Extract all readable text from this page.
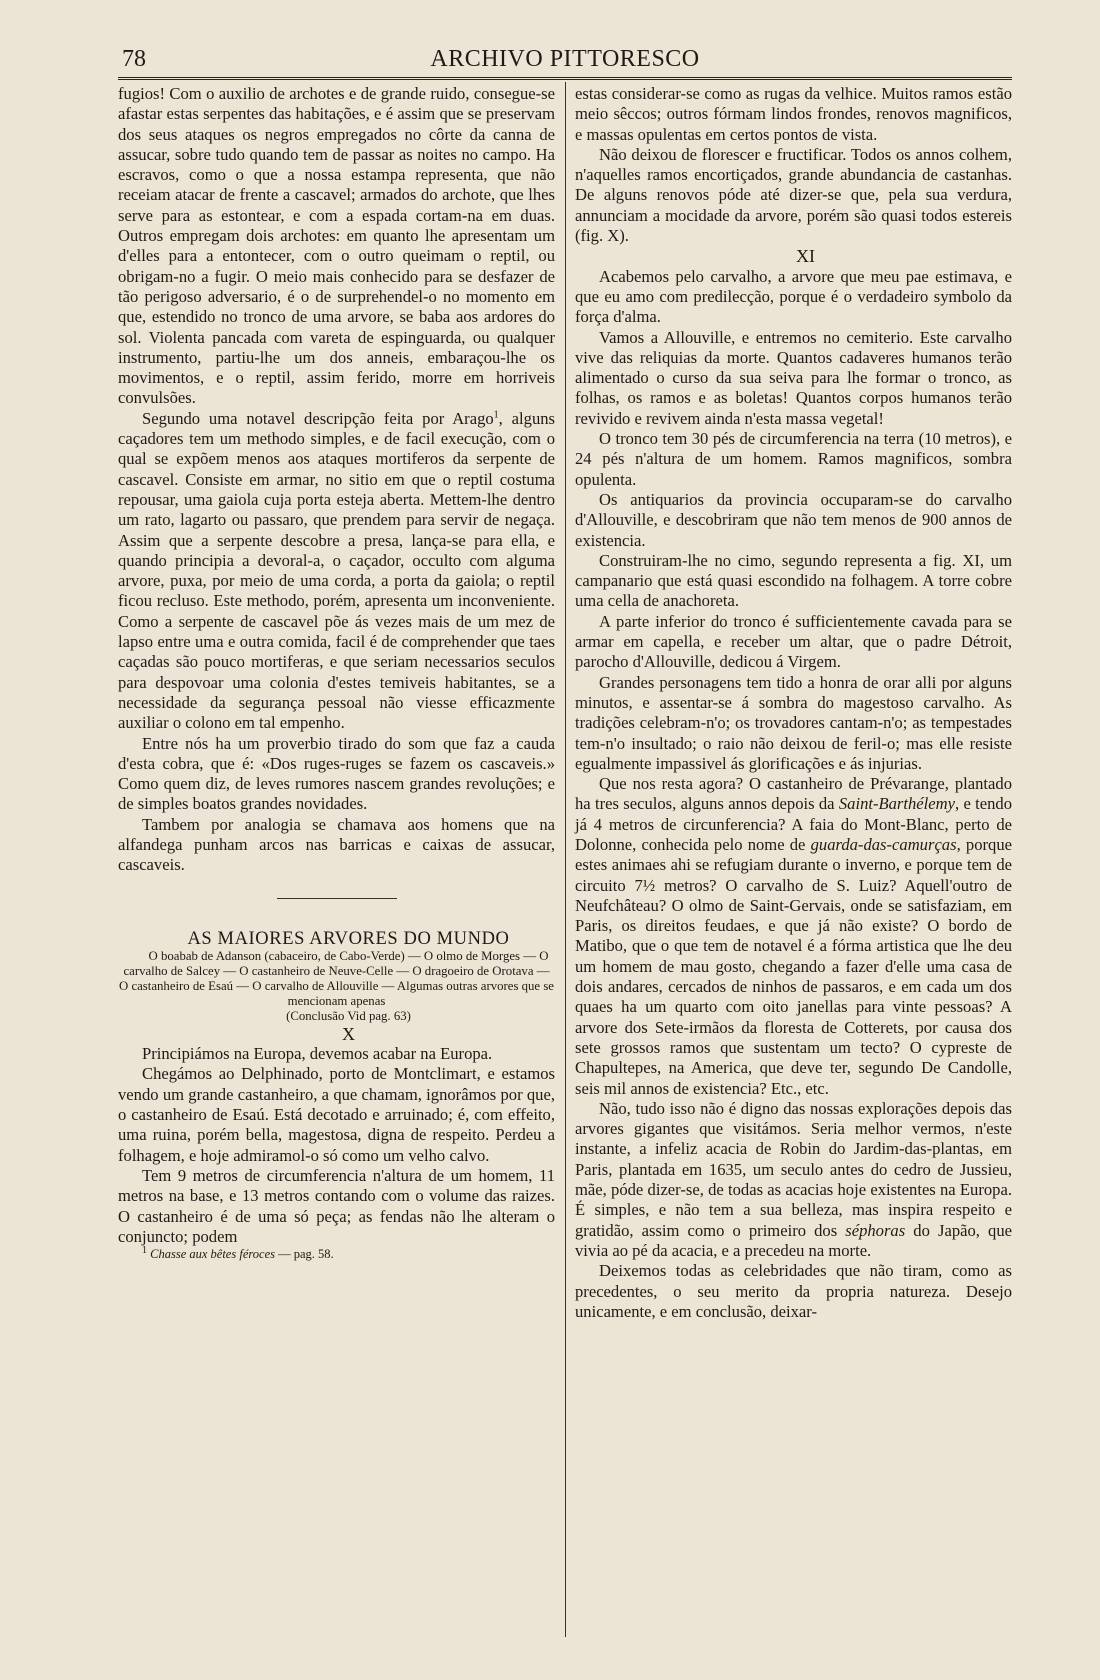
78	ARCHIVO PITTORESCO

fugios! Com o auxilio de archotes e de grande ruido, consegue-se afastar estas serpentes das habitações, e é assim que se preservam dos seus ataques os negros empregados no côrte da canna de assucar, sobre tudo quando tem de passar as noites no campo. Ha escravos, como o que a nossa estampa representa, que não receiam atacar de frente a cascavel; armados do archote, que lhes serve para as estontear, e com a espada cortam-na em duas. Outros empregam dois archotes: em quanto lhe apresentam um d'elles para a entontecer, com o outro queimam o reptil, ou obrigam-no a fugir. O meio mais conhecido para se desfazer de tão perigoso adversario, é o de surprehendel-o no momento em que, estendido no tronco de uma arvore, se baba aos ardores do sol. Violenta pancada com vareta de espinguarda, ou qualquer instrumento, partiu-lhe um dos anneis, embaraçou-lhe os movimentos, e o reptil, assim ferido, morre em horriveis convulsões.

Segundo uma notavel descripção feita por Arago$^1$, alguns caçadores tem um methodo simples, e de facil execução, com o qual se expõem menos aos ataques mortiferos da serpente de cascavel. Consiste em armar, no sitio em que o reptil costuma repousar, uma gaiola cuja porta esteja aberta. Mettem-lhe dentro um rato, lagarto ou passaro, que prendem para servir de negaça. Assim que a serpente descobre a presa, lança-se para ella, e quando principia a devoral-a, o caçador, occulto com alguma arvore, puxa, por meio de uma corda, a porta da gaiola; o reptil ficou recluso. Este methodo, porém, apresenta um inconveniente. Como a serpente de cascavel põe ás vezes mais de um mez de lapso entre uma e outra comida, facil é de comprehender que taes caçadas são pouco mortiferas, e que seriam necessarios seculos para despovoar uma colonia d'estes temiveis habitantes, se a necessidade da segurança pessoal não viesse efficazmente auxiliar o colono em tal empenho.

Entre nós ha um proverbio tirado do som que faz a cauda d'esta cobra, que é: «Dos ruges-ruges se fazem os cascaveis.» Como quem diz, de leves rumores nascem grandes revoluções; e de simples boatos grandes novidades.

Tambem por analogia se chamava aos homens que na alfandega punham arcos nas barricas e caixas de assucar, cascaveis.

AS MAIORES ARVORES DO MUNDO

O boabab de Adanson (cabaceiro, de Cabo-Verde) — O olmo de Morges — O carvalho de Salcey — O castanheiro de Neuve-Celle — O dragoeiro de Orotava — O castanheiro de Esaú — O carvalho de Allouville — Algumas outras arvores que se mencionam apenas

(Conclusão Vid pag. 63)

X

Principiámos na Europa, devemos acabar na Europa.

Chegámos ao Delphinado, porto de Montclimart, e estamos vendo um grande castanheiro, a que chamam, ignorâmos por que, o castanheiro de Esaú. Está decotado e arruinado; é, com effeito, uma ruina, porém bella, magestosa, digna de respeito. Perdeu a folhagem, e hoje admiramol-o só como um velho calvo.

Tem 9 metros de circumferencia n'altura de um homem, 11 metros na base, e 13 metros contando com o volume das raizes. O castanheiro é de uma só peça; as fendas não lhe alteram o conjuncto; podem

$^1$ Chasse aux bêtes féroces — pag. 58.

estas considerar-se como as rugas da velhice. Muitos ramos estão meio sêccos; outros fórmam lindos frondes, renovos magnificos, e massas opulentas em certos pontos de vista.

Não deixou de florescer e fructificar. Todos os annos colhem, n'aquelles ramos encortiçados, grande abundancia de castanhas. De alguns renovos póde até dizer-se que, pela sua verdura, annunciam a mocidade da arvore, porém são quasi todos estereis (fig. X).

XI

Acabemos pelo carvalho, a arvore que meu pae estimava, e que eu amo com predilecção, porque é o verdadeiro symbolo da força d'alma.

Vamos a Allouville, e entremos no cemiterio. Este carvalho vive das reliquias da morte. Quantos cadaveres humanos terão alimentado o curso da sua seiva para lhe formar o tronco, as folhas, os ramos e as boletas! Quantos corpos humanos terão revivido e revivem ainda n'esta massa vegetal!

O tronco tem 30 pés de circumferencia na terra (10 metros), e 24 pés n'altura de um homem. Ramos magnificos, sombra opulenta.

Os antiquarios da provincia occuparam-se do carvalho d'Allouville, e descobriram que não tem menos de 900 annos de existencia.

Construiram-lhe no cimo, segundo representa a fig. XI, um campanario que está quasi escondido na folhagem. A torre cobre uma cella de anachoreta.

A parte inferior do tronco é sufficientemente cavada para se armar em capella, e receber um altar, que o padre Détroit, parocho d'Allouville, dedicou á Virgem.

Grandes personagens tem tido a honra de orar alli por alguns minutos, e assentar-se á sombra do magestoso carvalho. As tradições celebram-n'o; os trovadores cantam-n'o; as tempestades tem-n'o insultado; o raio não deixou de feril-o; mas elle resiste egualmente impassivel ás glorificações e ás injurias.

Que nos resta agora? O castanheiro de Prévarange, plantado ha tres seculos, alguns annos depois da Saint-Barthélemy, e tendo já 4 metros de circunferencia? A faia do Mont-Blanc, perto de Dolonne, conhecida pelo nome de guarda-das-camurças, porque estes animaes ahi se refugiam durante o inverno, e porque tem de circuito 7½ metros? O carvalho de S. Luiz? Aquell'outro de Neufchâteau? O olmo de Saint-Gervais, onde se satisfaziam, em Paris, os direitos feudaes, e que já não existe? O bordo de Matibo, que o que tem de notavel é a fórma artistica que lhe deu um homem de mau gosto, chegando a fazer d'elle uma casa de dois andares, cercados de ninhos de passaros, e em cada um dos quaes ha um quarto com oito janellas para vinte pessoas? A arvore dos Sete-irmãos da floresta de Cotterets, por causa dos sete grossos ramos que sustentam um tecto? O cypreste de Chapultepes, na America, que deve ter, segundo De Candolle, seis mil annos de existencia? Etc., etc.

Não, tudo isso não é digno das nossas explorações depois das arvores gigantes que visitámos. Seria melhor vermos, n'este instante, a infeliz acacia de Robin do Jardim-das-plantas, em Paris, plantada em 1635, um seculo antes do cedro de Jussieu, mãe, póde dizer-se, de todas as acacias hoje existentes na Europa. É simples, e não tem a sua belleza, mas inspira respeito e gratidão, assim como o primeiro dos séphoras do Japão, que vivia ao pé da acacia, e a precedeu na morte.

Deixemos todas as celebridades que não tiram, como as precedentes, o seu merito da propria natureza. Desejo unicamente, e em conclusão, deixar-
